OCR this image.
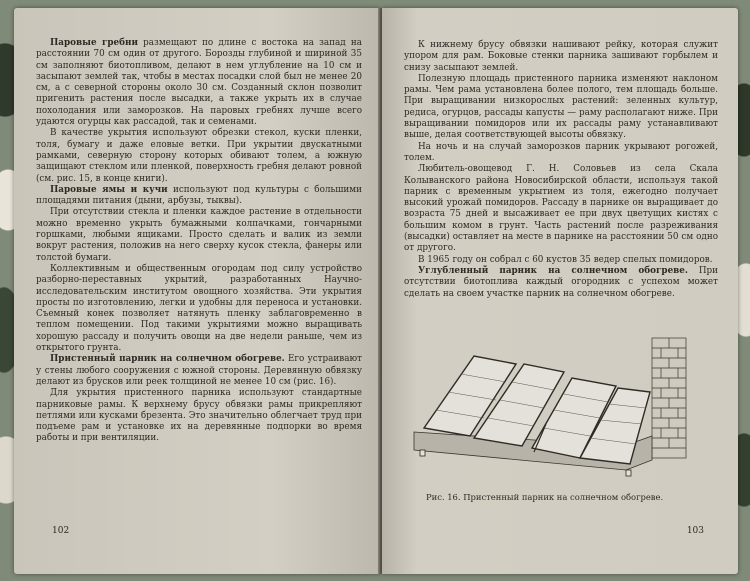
Паровые гребни размещают по длине с востока на запад на расстоянии 70 см один от другого. Борозды глубиной и шириной 35 см заполняют биотопливом, делают в нем углубление на 10 см и засыпают землей так, чтобы в местах посадки слой был не менее 20 см, а с северной стороны около 30 см. Созданный склон позволит пригенить растения после высадки, а также укрыть их в случае похолодания или заморозков. На паровых гребнях лучше всего удаются огурцы как рассадой, так и семенами.

В качестве укрытия используют обрезки стекол, куски пленки, толя, бумагу и даже еловые ветки. При укрытии двускатными рамками, северную сторону которых обивают толем, а южную защищают стеклом или пленкой, поверхность гребня делают ровной (см. рис. 15, в конце книги).

Паровые ямы и кучи используют под культуры с большими площадями питания (дыни, арбузы, тыквы).

При отсутствии стекла и пленки каждое растение в отдельности можно временно укрыть бумажными колпачками, гончарными горшками, любыми ящиками. Просто сделать и валик из земли вокруг растения, положив на него сверху кусок стекла, фанеры или толстой бумаги.

Коллективным и общественным огородам под силу устройство разборно-переставных укрытий, разработанных Научно-исследовательским институтом овощного хозяйства. Эти укрытия просты по изготовлению, легки и удобны для переноса и установки. Съемный конек позволяет натянуть пленку заблаговременно в теплом помещении. Под такими укрытиями можно выращивать хорошую рассаду и получить овощи на две недели раньше, чем из открытого грунта.

Пристенный парник на солнечном обогреве. Его устраивают у стены любого сооружения с южной стороны. Деревянную обвязку делают из брусков или реек толщиной не менее 10 см (рис. 16).

Для укрытия пристенного парника используют стандартные парниковые рамы. К верхнему брусу обвязки рамы прикрепляют петлями или кусками брезента. Это значительно облегчает труд при подъеме рам и установке их на деревянные подпорки во время работы и при вентиляции.

102

К нижнему брусу обвязки нашивают рейку, которая служит упором для рам. Боковые стенки парника зашивают горбылем и снизу засыпают землей.

Полезную площадь пристенного парника изменяют наклоном рамы. Чем рама установлена более полого, тем площадь больше. При выращивании низкорослых растений: зеленных культур, редиса, огурцов, рассады капусты — раму располагают ниже. При выращивании помидоров или их рассады раму устанавливают выше, делая соответствующей высоты обвязку.

На ночь и на случай заморозков парник укрывают рогожей, толем.

Любитель-овощевод Г. Н. Соловьев из села Скала Колыванского района Новосибирской области, используя такой парник с временным укрытием из толя, ежегодно получает высокий урожай помидоров. Рассаду в парнике он выращивает до возраста 75 дней и высаживает ее при двух цветущих кистях с большим комом в грунт. Часть растений после разреживания (высадки) оставляет на месте в парнике на расстоянии 50 см одно от другого.

В 1965 году он собрал с 60 кустов 35 ведер спелых помидоров.

Углубленный парник на солнечном обогреве. При отсутствии биотоплива каждый огородник с успехом может сделать на своем участке парник на солнечном обогреве.

Рис. 16. Пристенный парник на солнечном обогреве.
103
